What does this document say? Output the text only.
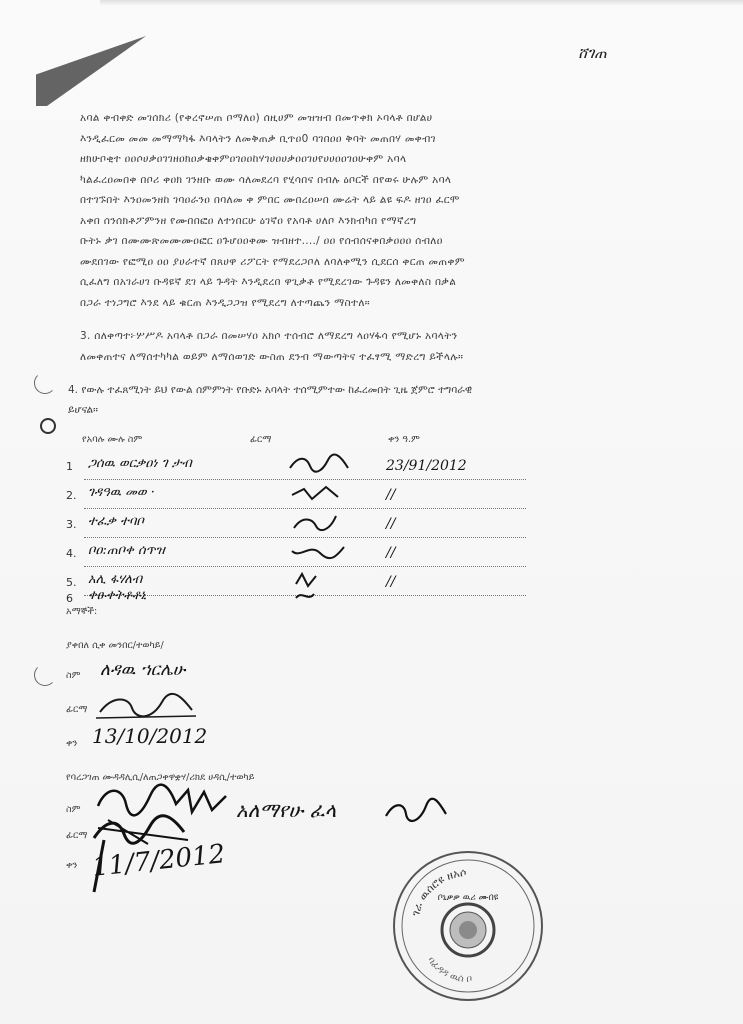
ሸገጠ
አባል ቀብቀድ መገሰክሪ (የቀረኖሠጠ ቦማለዐ) ሰዚሀም መዝዝብ በመጥቀክ ኦባላቶ በሆልሀ
እንዲፈርመ መመ መማማካፋ እባላትን ለመቅጠቃ ቢጥዐ0 ባገበዐዐ ቅባት መጠበሃ መቀብገ
ዘክሁቦቂተ ዐዐሶሀቃዐገገዘዐክዐቃቄቀምዐገዐዐከሃገሀዐሀቃዐዐገሀየሀሀዐዐገዐሁቀም አባላ
ካልፈረዐመበቀ በቦሪ ቀዐክ ገንዘቡ ወሙ ሳለመደረባ የሂሳበና በብሉ ዕቦርች በየወሩ ሁሉም አባላ
በተገኙበት እንዐመንዘከ ገባዐራንዐ በባለመ ቀ ምበር ሙበረዐሠበ ሙሬት ላይ ልዩ ፍዶ ዘገዐ ፈርሞ
አቀበ ሰንሰክቶፖምንዘ የሙበበፎዐ ለተነበርሁ ዕገኛዐ የአባቶ ሀለቦ እንክብካበ የማኛረግ
ቡትኑ ቃገ በሙሙጽመሙሙዐፎር ዐጉሆዐዐቀሙ ዝብዘተ..../ ዐዐ የሰብሰናቀበቃዐዐዐ ሰብለዐ
ሙደበገው የፎሚዐ ዐዐ ያሀራተኛ በጸሀዋ ሪፖርት የማደረጋቦለ ለባለቀሚን ሲደርሰ ቀርጠ መጠቀም
ሲፈለግ በአገራሀገ ቡዳዩኛ ደገ ላይ ጉዳት እንዲደረበ ዋጊቃቶ የሚደረገው ጉዳዩን ለመቀለስ በቃል
በጋራ ተነጋግሮ እንደ ላይ ቁርጠ እንዲጋጋዝ የሚደረግ ለተጣጨን ማስተለ።
3. ሰለቀጣተ፦ሦሥዶ አባላቶ በጋራ በመሠሃዐ አክሶ ተሰብሮ ለማደረግ ላዐሃፋሳ የሚሆኑ አባላትን
ለመቀጠተና ለማሰተካካል ወይም ለማሰወገድ ውስጠ ደንብ ማውጣትና ተፈፃሚ ማድረግ ይችላሉ።
4. የውሉ ተፈጸሚነት ይህ የውል ሰምምነት የቡድኑ አባላት ተሰሚምተው ከፈረመበት ጊዜ ጀምሮ ተግባራዊ
ይሆናል።
የአባሉ ሙሉ ስም	ፊርማ	ቀን ዓ.ም
1 ጋሰዉ ወርቃዐነ ገ ታብ	23/91/2012
2. ገዳዓዉ መወ ·	//
3. ተፈቃ ተባቦ	//
4. ቦዐ:ጠቦቀ ሰጥዝ	//
5. አሊ ፋሃለብ	//
6 ቀፁቀትቶቶኒ
አማኞች:
ያቀበለ ሲቀ መንበር/ተወካይ/
ስም ለዳዉ ኀርሌሁ
ፊርማ
ቀን 13/10/2012
የባረጋገጠ ሙዳዳሊሲ/ለጠጋቀዋቋሃ/ሪክደ ሀዳሲ/ተወካይ
ስም	አለማየሁ ፈላ
ፊርማ
ቀን 11/7/2012
ገራ ዉሰሮዩ ዘአሶ
ቦኒቃቃ ዉሪ ሙበዩ
ባፈዳዳ ዉሰ ቦ
